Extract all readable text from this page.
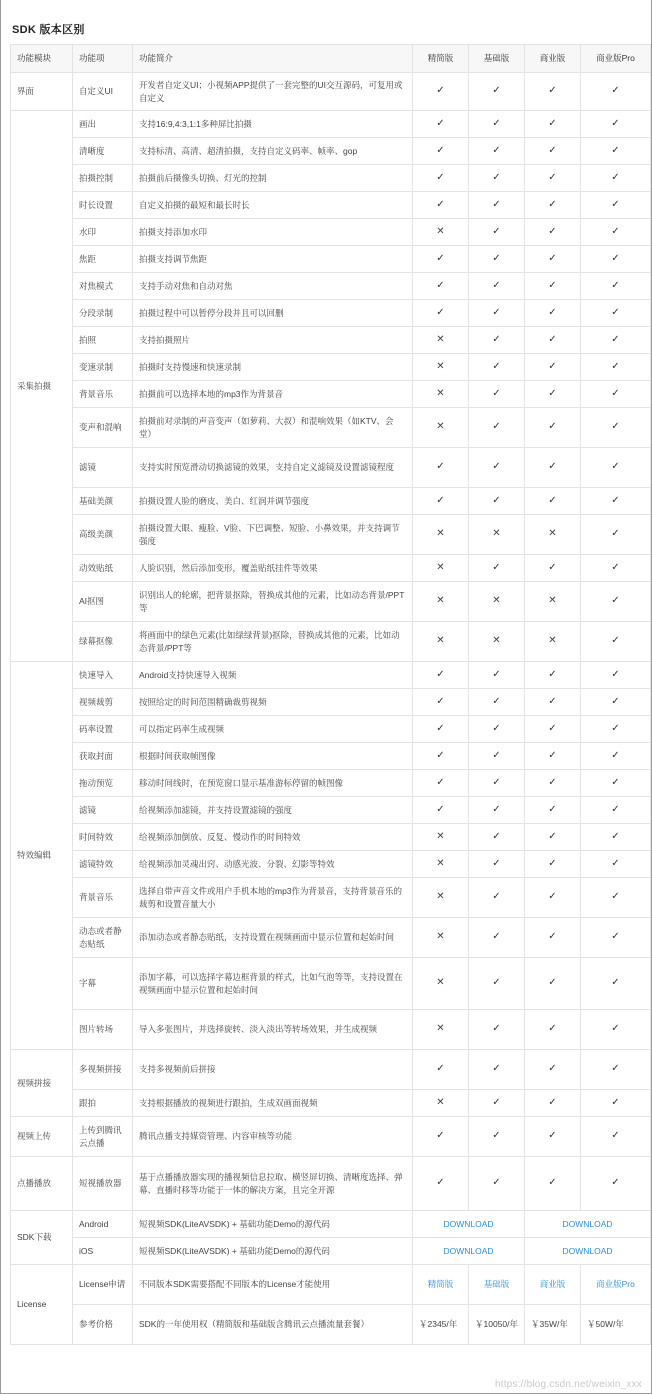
SDK 版本区别
功能模块	功能项	功能简介	精简版	基础版	商业版	商业版Pro
界面	自定义UI	开发者自定义UI；小视频APP提供了一套完整的UI交互源码，可复用或自定义	✓	✓	✓	✓
采集拍摄	画出	支持16:9,4:3,1:1多种屏比拍摄	✓	✓	✓	✓
	清晰度	支持标清、高清、超清拍摄，支持自定义码率、帧率、gop	✓	✓	✓	✓
	拍摄控制	拍摄前后摄像头切换、灯光的控制	✓	✓	✓	✓
	时长设置	自定义拍摄的最短和最长时长	✓	✓	✓	✓
	水印	拍摄支持添加水印	✕	✓	✓	✓
	焦距	拍摄支持调节焦距	✓	✓	✓	✓
	对焦模式	支持手动对焦和自动对焦	✓	✓	✓	✓
	分段录制	拍摄过程中可以暂停分段并且可以回删	✓	✓	✓	✓
	拍照	支持拍摄照片	✕	✓	✓	✓
	变速录制	拍摄时支持慢速和快速录制	✕	✓	✓	✓
	背景音乐	拍摄前可以选择本地的mp3作为背景音	✕	✓	✓	✓
	变声和混响	拍摄前对录制的声音变声（如萝莉、大叔）和混响效果（如KTV、会堂）	✕	✓	✓	✓
	滤镜	支持实时预览滑动切换滤镜的效果，支持自定义滤镜及设置滤镜程度	✓	✓	✓	✓
	基础美颜	拍摄设置人脸的磨皮、美白、红润并调节强度	✓	✓	✓	✓
	高级美颜	拍摄设置大眼、瘦脸、V脸、下巴调整、短脸、小鼻效果，并支持调节强度	✕	✕	✕	✓
	动效贴纸	人脸识别，然后添加变形，覆盖贴纸挂件等效果	✕	✓	✓	✓
	AI抠图	识别出人的轮廓，把背景抠除，替换成其他的元素，比如动态背景/PPT等	✕	✕	✕	✓
	绿幕抠像	将画面中的绿色元素(比如绿绿背景)抠除，替换成其他的元素，比如动态背景/PPT等	✕	✕	✕	✓
特效编辑	快速导入	Android支持快速导入视频	✓	✓	✓	✓
	视频裁剪	按照给定的时间范围精确裁剪视频	✓	✓	✓	✓
	码率设置	可以指定码率生成视频	✓	✓	✓	✓
	获取封面	根据时间获取帧图像	✓	✓	✓	✓
	拖动预览	移动时间线时，在预览窗口显示基准游标停留的帧图像	✓	✓	✓	✓
	滤镜	给视频添加滤镜，并支持设置滤镜的强度	✓	✓	✓	✓
	时间特效	给视频添加倒放、反复、慢动作的时间特效	✕	✓	✓	✓
	滤镜特效	给视频添加灵魂出窍、动感光波、分裂、幻影等特效	✕	✓	✓	✓
	背景音乐	选择自带声音文件或用户手机本地的mp3作为背景音，支持背景音乐的裁剪和设置音量大小	✕	✓	✓	✓
	动态或者静态贴纸	添加动态或者静态贴纸，支持设置在视频画面中显示位置和起始时间	✕	✓	✓	✓
	字幕	添加字幕，可以选择字幕边框背景的样式，比如气泡等等，支持设置在视频画面中显示位置和起始时间	✕	✓	✓	✓
	图片转场	导入多张图片，并选择旋转、淡入淡出等转场效果，并生成视频	✕	✓	✓	✓
视频拼接	多视频拼接	支持多视频前后拼接	✓	✓	✓	✓
	跟拍	支持根据播放的视频进行跟拍，生成双画面视频	✕	✓	✓	✓
视频上传	上传到腾讯云点播	腾讯点播支持媒资管理、内容审核等功能	✓	✓	✓	✓
点播播放	短视播放器	基于点播播放器实现的播视频信息拉取、横竖屏切换、清晰度选择、弹幕、直播时移等功能于一体的解决方案，且完全开源	✓	✓	✓	✓
SDK下载	Android	短视频SDK(LiteAVSDK) + 基础功能Demo的源代码	DOWNLOAD		DOWNLOAD	
	iOS	短视频SDK(LiteAVSDK) + 基础功能Demo的源代码	DOWNLOAD		DOWNLOAD	
License	License申请	不同版本SDK需要搭配不同版本的License才能使用	精简版	基础版	商业版	商业版Pro
	参考价格	SDK的一年使用权（精简版和基础版含腾讯云点播流量套餐）	￥2345/年	￥10050/年	￥35W/年	￥50W/年
https://blog.csdn.net/weixin_xxx
